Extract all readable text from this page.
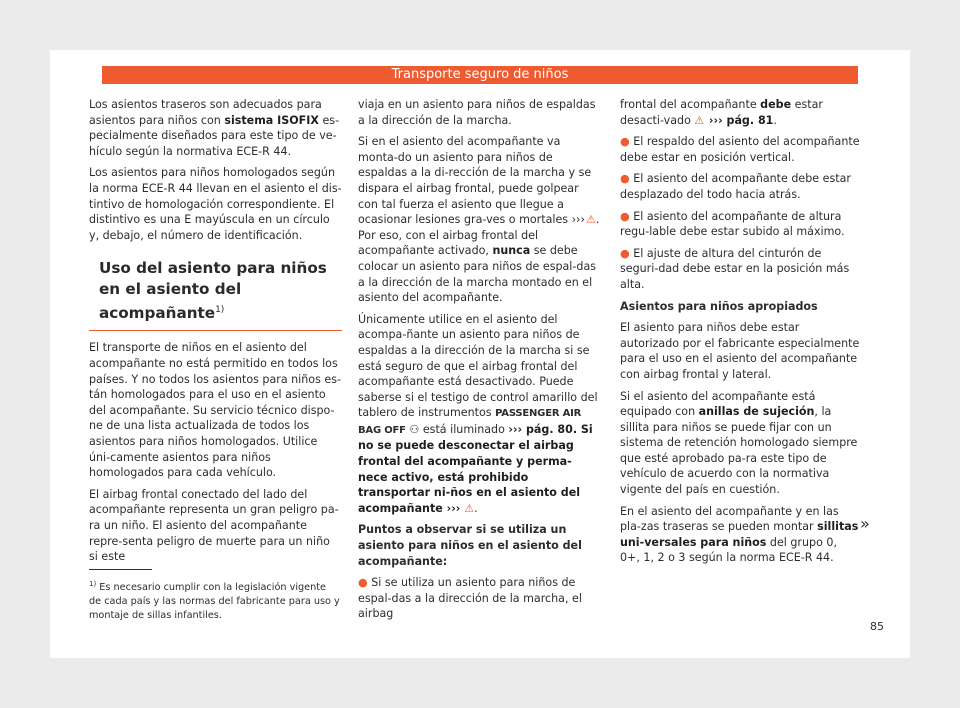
Transporte seguro de niños

Los asientos traseros son adecuados para asientos para niños con sistema ISOFIX es-pecialmente diseñados para este tipo de ve-hículo según la normativa ECE-R 44.

Los asientos para niños homologados según la norma ECE-R 44 llevan en el asiento el dis-tintivo de homologación correspondiente. El distintivo es una E mayúscula en un círculo y, debajo, el número de identificación.

Uso del asiento para niños en el asiento del acompañante$^{1)}$

El transporte de niños en el asiento del acompañante no está permitido en todos los países. Y no todos los asientos para niños es-tán homologados para el uso en el asiento del acompañante. Su servicio técnico dispo-ne de una lista actualizada de todos los asientos para niños homologados. Utilice úni-camente asientos para niños homologados para cada vehículo.

El airbag frontal conectado del lado del acompañante representa un gran peligro pa-ra un niño. El asiento del acompañante repre-senta peligro de muerte para un niño si este

viaja en un asiento para niños de espaldas a la dirección de la marcha.

Si en el asiento del acompañante va monta-do un asiento para niños de espaldas a la di-rección de la marcha y se dispara el airbag frontal, puede golpear con tal fuerza el asiento que llegue a ocasionar lesiones gra-ves o mortales ››› ⚠. Por eso, con el airbag frontal del acompañante activado, nunca se debe colocar un asiento para niños de espal-das a la dirección de la marcha montado en el asiento del acompañante.

Únicamente utilice en el asiento del acompa-ñante un asiento para niños de espaldas a la dirección de la marcha si se está seguro de que el airbag frontal del acompañante está desactivado. Puede saberse si el testigo de control amarillo del tablero de instrumentos PASSENGER AIR BAG OFF ⚇ está iluminado ››› pág. 80. Si no se puede desconectar el airbag frontal del acompañante y perma-nece activo, está prohibido transportar ni-ños en el asiento del acompañante ››› ⚠.

Puntos a observar si se utiliza un asiento para niños en el asiento del acompañante:

● Si se utiliza un asiento para niños de espal-das a la dirección de la marcha, el airbag

frontal del acompañante debe estar desacti-vado ⚠  ››› pág. 81.

● El respaldo del asiento del acompañante debe estar en posición vertical.

● El asiento del acompañante debe estar desplazado del todo hacia atrás.

● El asiento del acompañante de altura regu-lable debe estar subido al máximo.

● El ajuste de altura del cinturón de seguri-dad debe estar en la posición más alta.

Asientos para niños apropiados

El asiento para niños debe estar autorizado por el fabricante especialmente para el uso en el asiento del acompañante con airbag frontal y lateral.

Si el asiento del acompañante está equipado con anillas de sujeción, la sillita para niños se puede fijar con un sistema de retención homologado siempre que esté aprobado pa-ra este tipo de vehículo de acuerdo con la normativa vigente del país en cuestión.

En el asiento del acompañante y en las pla-zas traseras se pueden montar sillitas uni-versales para niños del grupo 0, 0+, 1, 2 o 3 según la norma ECE-R 44.

$^{1)}$ Es necesario cumplir con la legislación vigente de cada país y las normas del fabricante para uso y montaje de sillas infantiles.
»
85
